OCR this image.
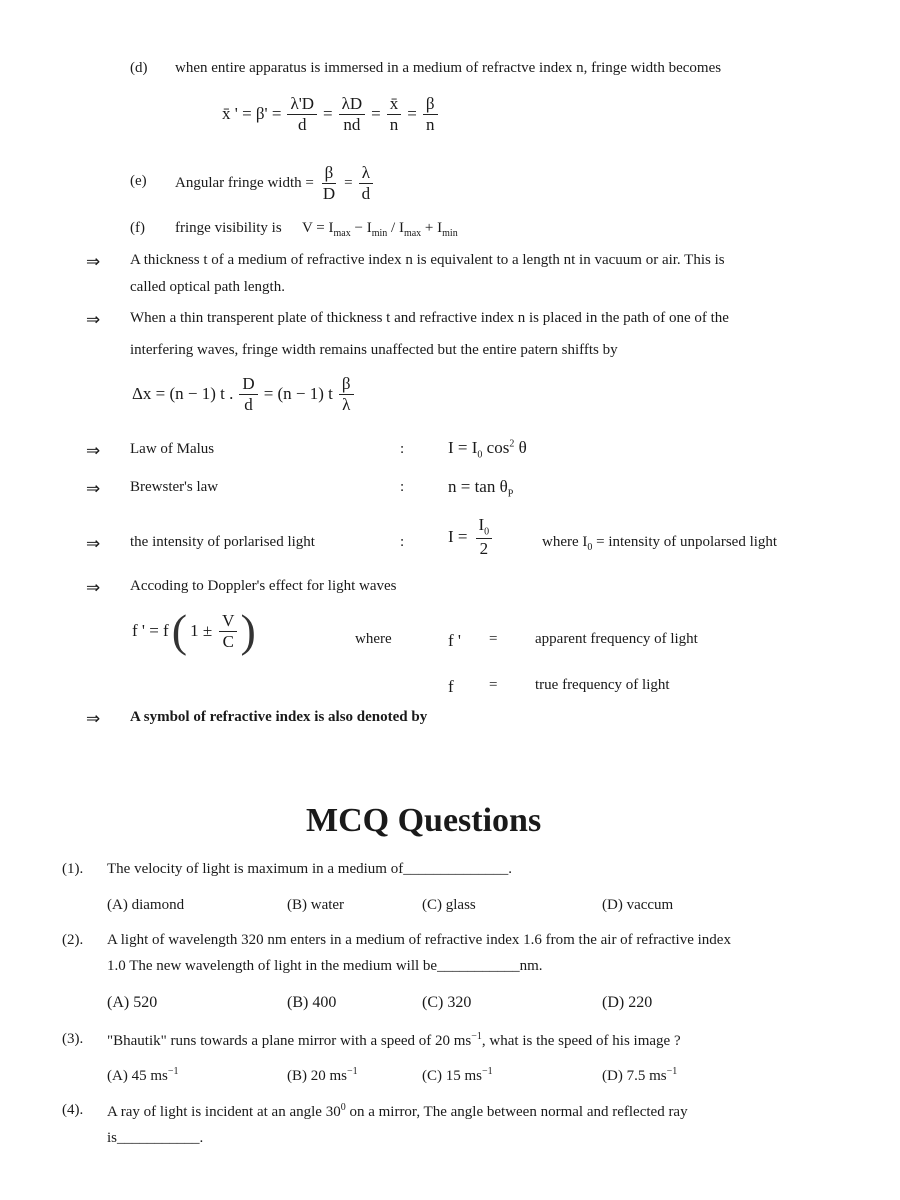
(d) when entire apparatus is immersed in a medium of refractve index n, fringe width becomes
x̄ ' = $\beta' = \frac{\lambda'D}{d} = \frac{\lambda D}{nd} = \frac{x̄}{n} = \frac{\beta}{n}$
(e) Angular fringe width = $\frac{\beta}{D} = \frac{\lambda}{d}$
(f) fringe visibility is $V = I_{max} - I_{min} / I_{max} + I_{min}$
⇒ A thickness t of a medium of refractive index n is equivalent to a length nt in vacuum or air. This is
called optical path length.
⇒ When a thin transperent plate of thickness t and refractive index n is placed in the path of one of the
interfering waves, fringe width remains unaffected but the entire patern shiffts by
Δx = (n − 1) t . $\frac{D}{d} = (n - 1)$ t $\frac{\beta}{\lambda}$
⇒ Law of Malus	:	$I = I_0$ $\cos^2 \theta$
⇒ Brewster's law	:	$n = \tan \theta_P$
⇒ the intensity of porlarised light	:	$I = \frac{I_0}{2}$	where $I_0$ = intensity of unpolarsed light
⇒ Accoding to Doppler's effect for light waves
f ' = f ( $1 \pm \frac{V}{C}$ )	where	f ' =	apparent frequency of light
f =	true frequency of light
⇒ A symbol of refractive index is also denoted by
MCQ Questions
(1). The velocity of light is maximum in a medium of______________.
(A) diamond	(B) water	(C) glass	(D) vaccum
(2). A light of wavelength 320 nm enters in a medium of refractive index 1.6 from the air of refractive index
1.0 The new wavelength of light in the medium will be___________nm.
(A) 520	(B) 400	(C) 320	(D) 220
(3). "Bhautik" runs towards a plane mirror with a speed of 20 $ms^{-1}$, what is the speed of his image ?
(A) 45 $ms^{-1}$	(B) 20 $ms^{-1}$	(C) 15 $ms^{-1}$	(D) 7.5 $ms^{-1}$
(4). A ray of light is incident at an angle $30^0$ on a mirror, The angle between normal and reflected ray
is___________.
